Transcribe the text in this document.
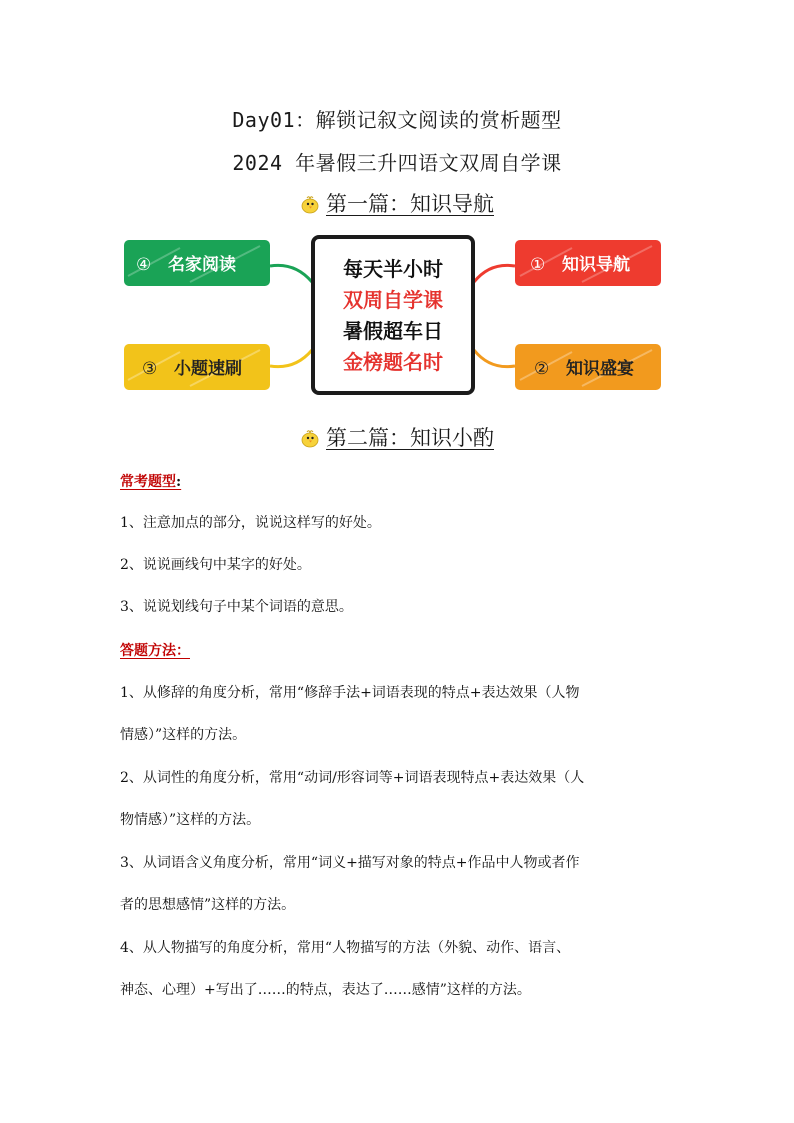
Day01：解锁记叙文阅读的赏析题型
2024 年暑假三升四语文双周自学课
第一篇：知识导航
④ 名家阅读	① 知识导航
③ 小题速刷	② 知识盛宴
每天半小时
双周自学课
暑假超车日
金榜题名时
第二篇：知识小酌
常考题型:
1、注意加点的部分，说说这样写的好处。
2、说说画线句中某字的好处。
3、说说划线句子中某个词语的意思。
答题方法：
1、从修辞的角度分析，常用“修辞手法+词语表现的特点+表达效果（人物
情感）”这样的方法。
2、从词性的角度分析，常用“动词/形容词等+词语表现特点+表达效果（人
物情感）”这样的方法。
3、从词语含义角度分析，常用“词义+描写对象的特点+作品中人物或者作
者的思想感情”这样的方法。
4、从人物描写的角度分析，常用“人物描写的方法（外貌、动作、语言、
神态、心理）+写出了……的特点，表达了……感情”这样的方法。
